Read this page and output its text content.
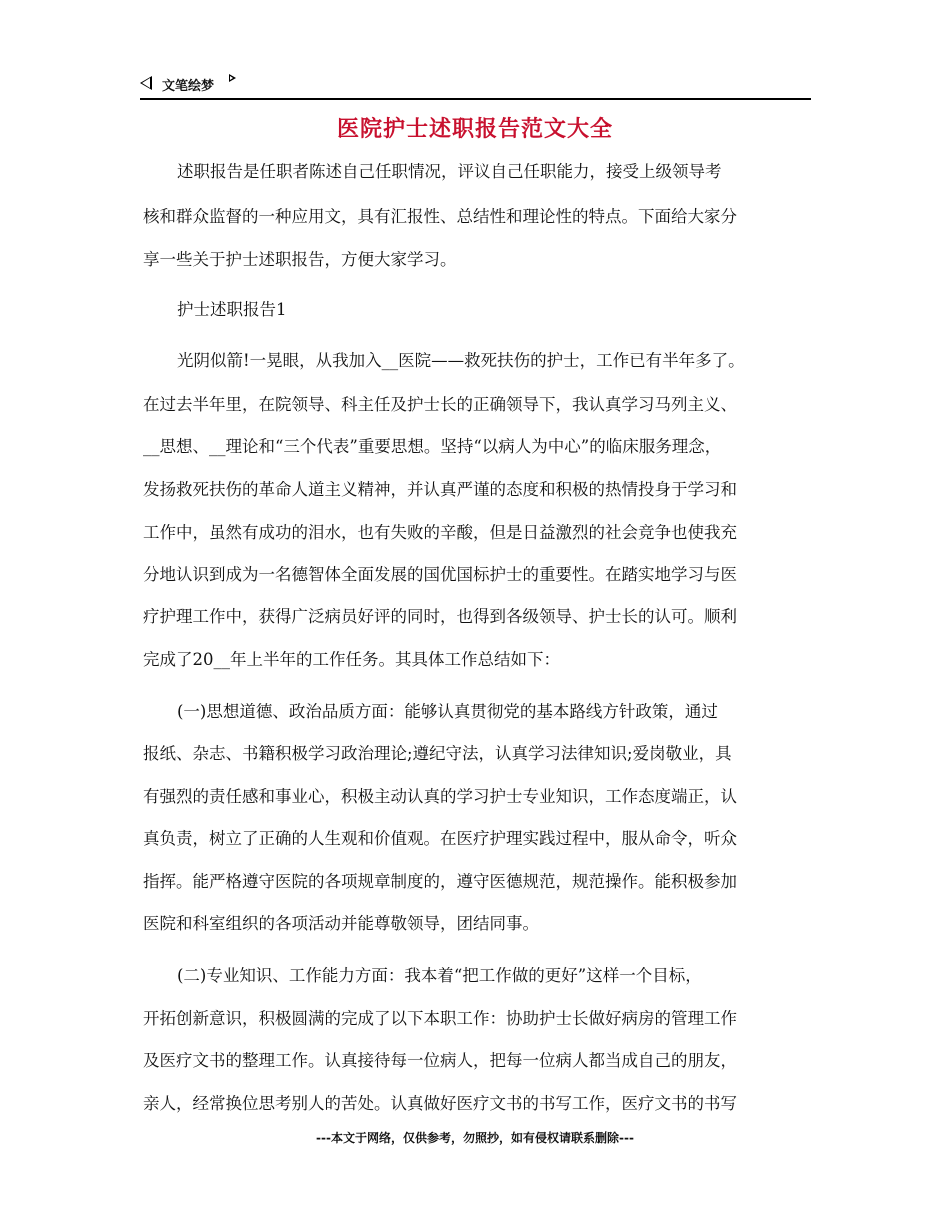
文笔绘梦
医院护士述职报告范文大全
述职报告是任职者陈述自己任职情况，评议自己任职能力，接受上级领导考
核和群众监督的一种应用文，具有汇报性、总结性和理论性的特点。下面给大家分
享一些关于护士述职报告，方便大家学习。
护士述职报告1
光阴似箭!一晃眼，从我加入__医院——救死扶伤的护士，工作已有半年多了。
在过去半年里，在院领导、科主任及护士长的正确领导下，我认真学习马列主义、
__思想、__理论和“三个代表”重要思想。坚持“以病人为中心”的临床服务理念，
发扬救死扶伤的革命人道主义精神，并认真严谨的态度和积极的热情投身于学习和
工作中，虽然有成功的泪水，也有失败的辛酸，但是日益激烈的社会竞争也使我充
分地认识到成为一名德智体全面发展的国优国标护士的重要性。在踏实地学习与医
疗护理工作中，获得广泛病员好评的同时，也得到各级领导、护士长的认可。顺利
完成了20__年上半年的工作任务。其具体工作总结如下：
(一)思想道德、政治品质方面：能够认真贯彻党的基本路线方针政策，通过
报纸、杂志、书籍积极学习政治理论;遵纪守法，认真学习法律知识;爱岗敬业，具
有强烈的责任感和事业心，积极主动认真的学习护士专业知识，工作态度端正，认
真负责，树立了正确的人生观和价值观。在医疗护理实践过程中，服从命令，听众
指挥。能严格遵守医院的各项规章制度的，遵守医德规范，规范操作。能积极参加
医院和科室组织的各项活动并能尊敬领导，团结同事。
(二)专业知识、工作能力方面：我本着“把工作做的更好”这样一个目标，
开拓创新意识，积极圆满的完成了以下本职工作：协助护士长做好病房的管理工作
及医疗文书的整理工作。认真接待每一位病人，把每一位病人都当成自己的朋友，
亲人，经常换位思考别人的苦处。认真做好医疗文书的书写工作，医疗文书的书写
---本文于网络，仅供参考，勿照抄，如有侵权请联系删除---
